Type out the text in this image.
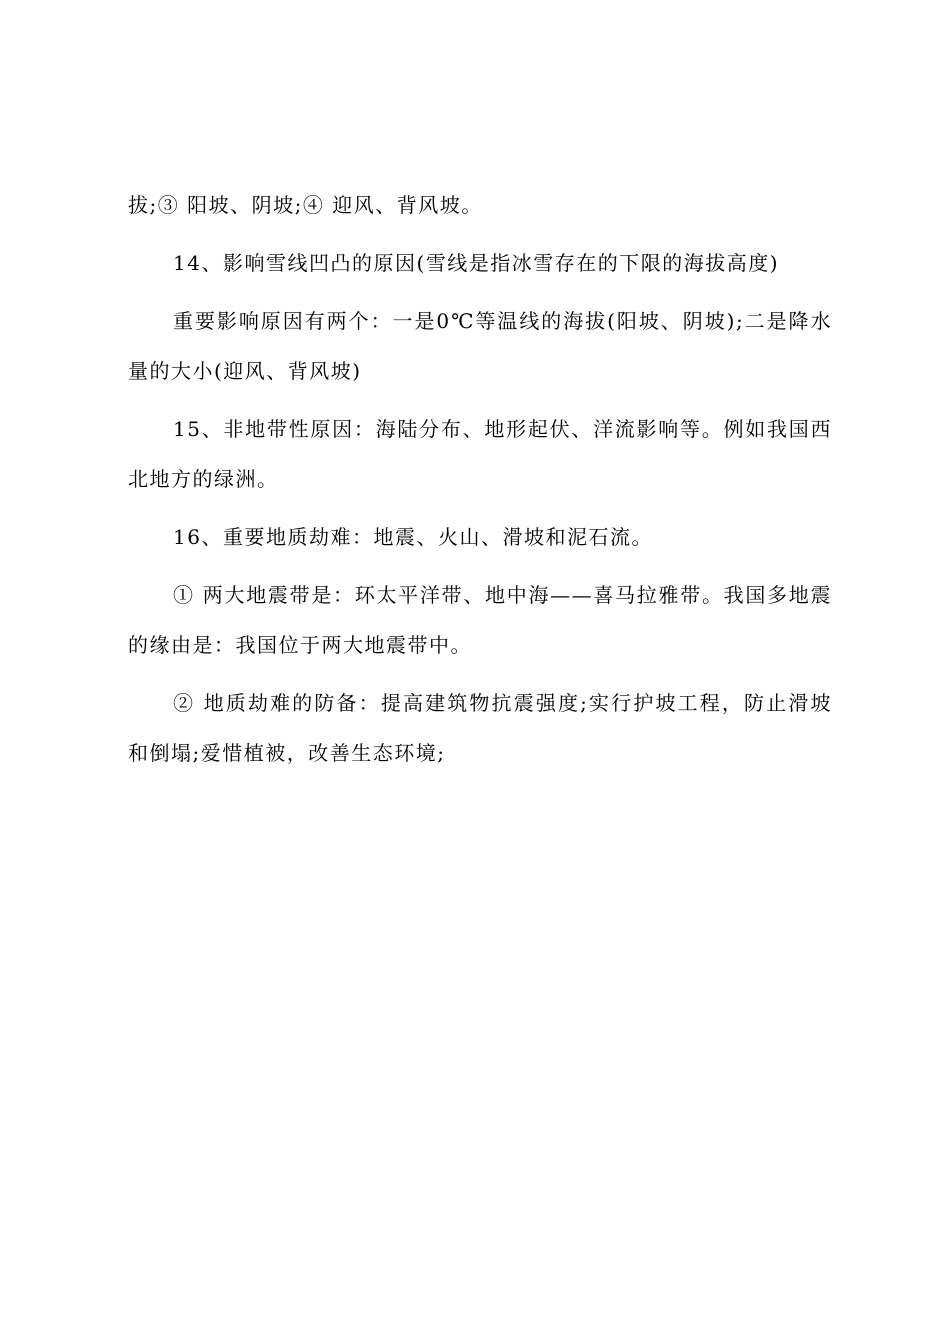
拔;③ 阳坡、阴坡;④ 迎风、背风坡。

14、影响雪线凹凸的原因(雪线是指冰雪存在的下限的海拔高度)

重要影响原因有两个：一是0℃等温线的海拔(阳坡、阴坡);二是降水量的大小(迎风、背风坡)

15、非地带性原因：海陆分布、地形起伏、洋流影响等。例如我国西北地方的绿洲。

16、重要地质劫难：地震、火山、滑坡和泥石流。

① 两大地震带是：环太平洋带、地中海——喜马拉雅带。我国多地震的缘由是：我国位于两大地震带中。

② 地质劫难的防备：提高建筑物抗震强度;实行护坡工程，防止滑坡和倒塌;爱惜植被，改善生态环境;
